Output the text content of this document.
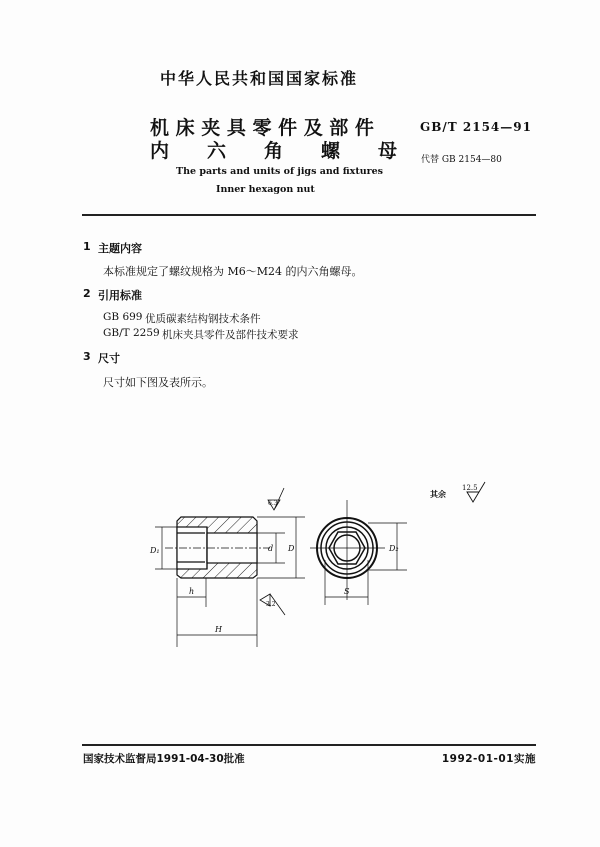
中华人民共和国国家标准
机 床 夹 具 零 件 及 部 件
内　　六　　角　　螺　　母
GB/T 2154—91
代替 GB 2154—80
The parts and units of jigs and fixtures
Inner hexagon nut
1 主题内容
本标准规定了螺纹规格为 M6～M24 的内六角螺母。
2 引用标准
GB 699 优质碳素结构钢技术条件
GB/T 2259 机床夹具零件及部件技术要求
3 尺寸
尺寸如下图及表所示。
D₁	d D
h
H
S
D₂
6.3
3.2
12.5
其余
国家技术监督局1991-04-30批准	1992-01-01实施
